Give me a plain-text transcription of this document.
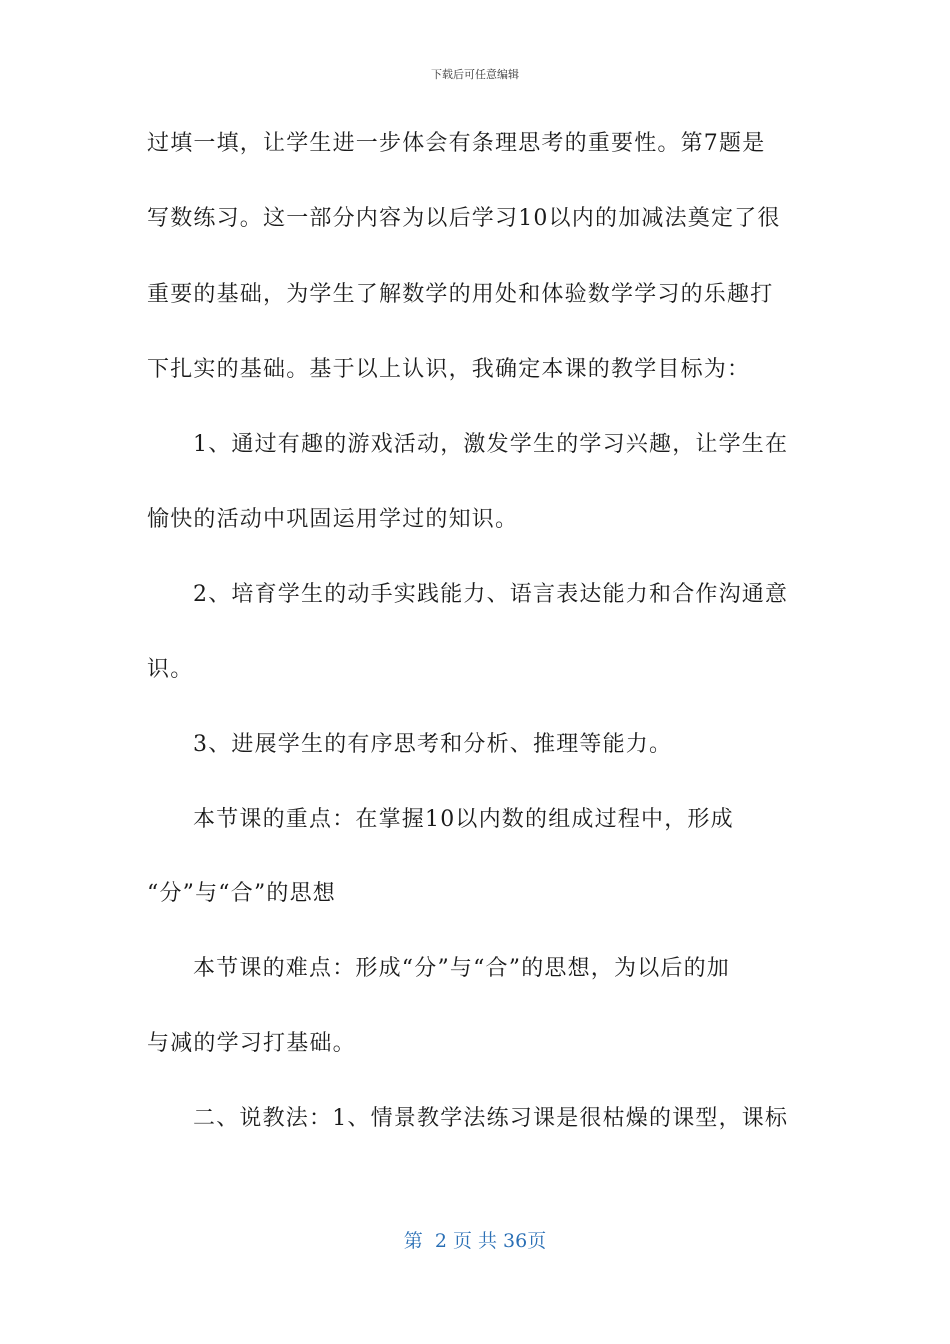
下载后可任意编辑
过填一填，让学生进一步体会有条理思考的重要性。第7题是
写数练习。这一部分内容为以后学习10以内的加减法奠定了很
重要的基础，为学生了解数学的用处和体验数学学习的乐趣打
下扎实的基础。基于以上认识，我确定本课的教学目标为：
1、通过有趣的游戏活动，激发学生的学习兴趣，让学生在
愉快的活动中巩固运用学过的知识。
2、培育学生的动手实践能力、语言表达能力和合作沟通意
识。
3、进展学生的有序思考和分析、推理等能力。
本节课的重点：在掌握10以内数的组成过程中，形成
“分”与“合”的思想
本节课的难点：形成“分”与“合”的思想，为以后的加
与减的学习打基础。
二、说教法：1、情景教学法练习课是很枯燥的课型，课标
第  2 页 共 36页
